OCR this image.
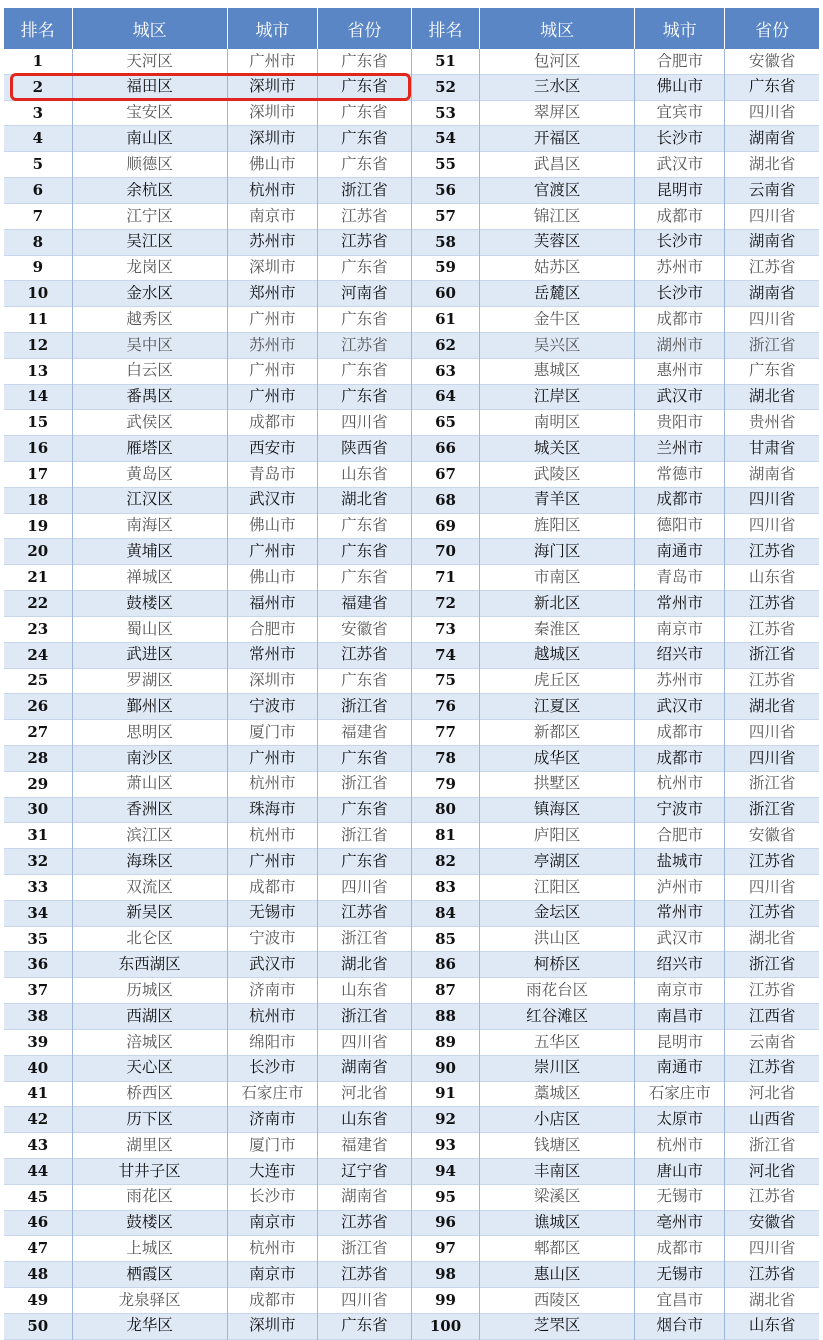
排名	城区	城市	省份	排名	城区	城市	省份
1	天河区	广州市	广东省	51	包河区	合肥市	安徽省
2	福田区	深圳市	广东省	52	三水区	佛山市	广东省
3	宝安区	深圳市	广东省	53	翠屏区	宜宾市	四川省
4	南山区	深圳市	广东省	54	开福区	长沙市	湖南省
5	顺德区	佛山市	广东省	55	武昌区	武汉市	湖北省
6	余杭区	杭州市	浙江省	56	官渡区	昆明市	云南省
7	江宁区	南京市	江苏省	57	锦江区	成都市	四川省
8	吴江区	苏州市	江苏省	58	芙蓉区	长沙市	湖南省
9	龙岗区	深圳市	广东省	59	姑苏区	苏州市	江苏省
10	金水区	郑州市	河南省	60	岳麓区	长沙市	湖南省
11	越秀区	广州市	广东省	61	金牛区	成都市	四川省
12	吴中区	苏州市	江苏省	62	吴兴区	湖州市	浙江省
13	白云区	广州市	广东省	63	惠城区	惠州市	广东省
14	番禺区	广州市	广东省	64	江岸区	武汉市	湖北省
15	武侯区	成都市	四川省	65	南明区	贵阳市	贵州省
16	雁塔区	西安市	陕西省	66	城关区	兰州市	甘肃省
17	黄岛区	青岛市	山东省	67	武陵区	常德市	湖南省
18	江汉区	武汉市	湖北省	68	青羊区	成都市	四川省
19	南海区	佛山市	广东省	69	旌阳区	德阳市	四川省
20	黄埔区	广州市	广东省	70	海门区	南通市	江苏省
21	禅城区	佛山市	广东省	71	市南区	青岛市	山东省
22	鼓楼区	福州市	福建省	72	新北区	常州市	江苏省
23	蜀山区	合肥市	安徽省	73	秦淮区	南京市	江苏省
24	武进区	常州市	江苏省	74	越城区	绍兴市	浙江省
25	罗湖区	深圳市	广东省	75	虎丘区	苏州市	江苏省
26	鄞州区	宁波市	浙江省	76	江夏区	武汉市	湖北省
27	思明区	厦门市	福建省	77	新都区	成都市	四川省
28	南沙区	广州市	广东省	78	成华区	成都市	四川省
29	萧山区	杭州市	浙江省	79	拱墅区	杭州市	浙江省
30	香洲区	珠海市	广东省	80	镇海区	宁波市	浙江省
31	滨江区	杭州市	浙江省	81	庐阳区	合肥市	安徽省
32	海珠区	广州市	广东省	82	亭湖区	盐城市	江苏省
33	双流区	成都市	四川省	83	江阳区	泸州市	四川省
34	新吴区	无锡市	江苏省	84	金坛区	常州市	江苏省
35	北仑区	宁波市	浙江省	85	洪山区	武汉市	湖北省
36	东西湖区	武汉市	湖北省	86	柯桥区	绍兴市	浙江省
37	历城区	济南市	山东省	87	雨花台区	南京市	江苏省
38	西湖区	杭州市	浙江省	88	红谷滩区	南昌市	江西省
39	涪城区	绵阳市	四川省	89	五华区	昆明市	云南省
40	天心区	长沙市	湖南省	90	崇川区	南通市	江苏省
41	桥西区	石家庄市	河北省	91	藁城区	石家庄市	河北省
42	历下区	济南市	山东省	92	小店区	太原市	山西省
43	湖里区	厦门市	福建省	93	钱塘区	杭州市	浙江省
44	甘井子区	大连市	辽宁省	94	丰南区	唐山市	河北省
45	雨花区	长沙市	湖南省	95	梁溪区	无锡市	江苏省
46	鼓楼区	南京市	江苏省	96	谯城区	亳州市	安徽省
47	上城区	杭州市	浙江省	97	郫都区	成都市	四川省
48	栖霞区	南京市	江苏省	98	惠山区	无锡市	江苏省
49	龙泉驿区	成都市	四川省	99	西陵区	宜昌市	湖北省
50	龙华区	深圳市	广东省	100	芝罘区	烟台市	山东省
